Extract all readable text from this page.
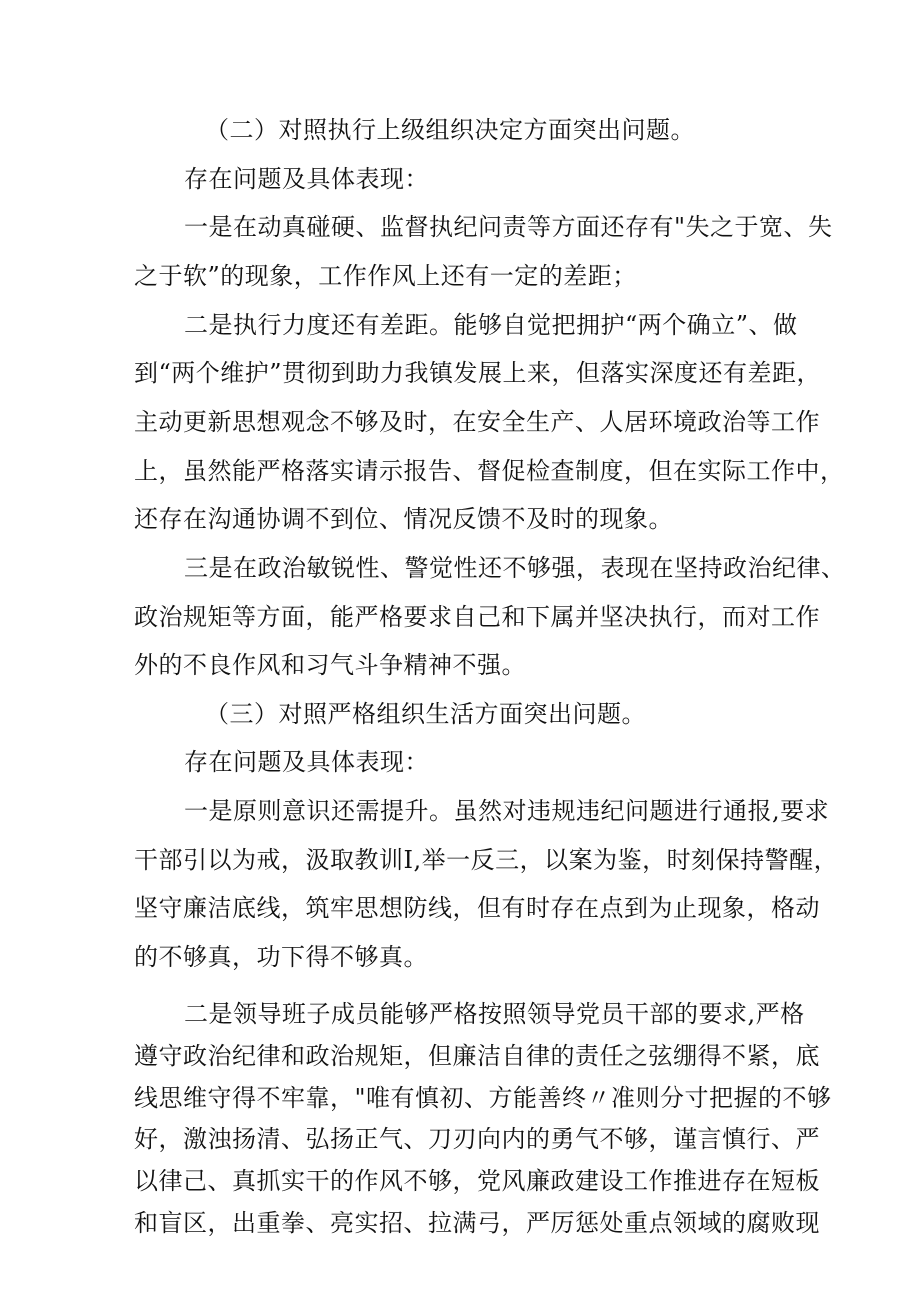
（二）对照执行上级组织决定方面突出问题。
存在问题及具体表现：
一是在动真碰硬、监督执纪问责等方面还存有"失之于宽、失
之于软”的现象，工作作风上还有一定的差距；
二是执行力度还有差距。能够自觉把拥护“两个确立”、做
到“两个维护”贯彻到助力我镇发展上来，但落实深度还有差距，
主动更新思想观念不够及时，在安全生产、人居环境政治等工作
上，虽然能严格落实请示报告、督促检查制度，但在实际工作中，
还存在沟通协调不到位、情况反馈不及时的现象。
三是在政治敏锐性、警觉性还不够强，表现在坚持政治纪律、
政治规矩等方面，能严格要求自己和下属并坚决执行，而对工作
外的不良作风和习气斗争精神不强。
（三）对照严格组织生活方面突出问题。
存在问题及具体表现：
一是原则意识还需提升。虽然对违规违纪问题进行通报,要求
干部引以为戒，汲取教训I,举一反三，以案为鉴，时刻保持警醒，
坚守廉洁底线，筑牢思想防线，但有时存在点到为止现象，格动
的不够真，功下得不够真。
二是领导班子成员能够严格按照领导党员干部的要求,严格
遵守政治纪律和政治规矩，但廉洁自律的责任之弦绷得不紧，底
线思维守得不牢靠，"唯有慎初、方能善终〃准则分寸把握的不够
好，激浊扬清、弘扬正气、刀刃向内的勇气不够，谨言慎行、严
以律己、真抓实干的作风不够，党风廉政建设工作推进存在短板
和盲区，出重拳、亮实招、拉满弓，严厉惩处重点领域的腐败现
